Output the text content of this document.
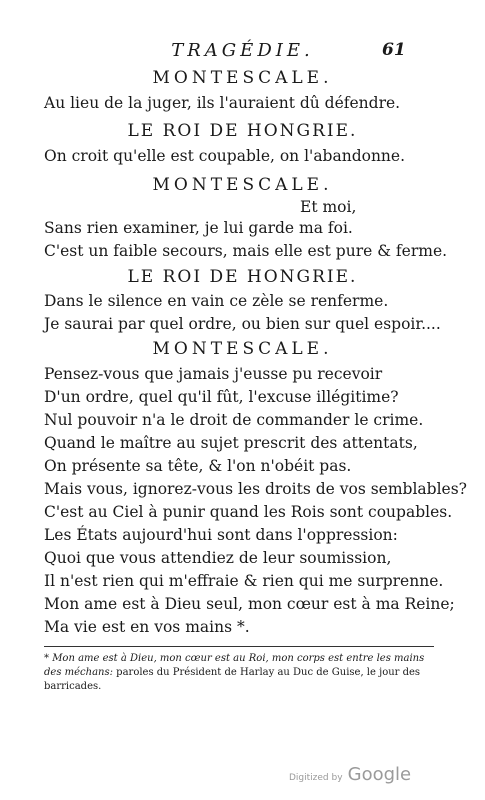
TRAGÉDIE.	61
MONTESCALE.
Au lieu de la juger, ils l'auraient dû défendre.
LE ROI DE HONGRIE.
On croit qu'elle est coupable, on l'abandonne.
MONTESCALE.
Et moi,
Sans rien examiner, je lui garde ma foi.
C'est un faible secours, mais elle est pure & ferme.
LE ROI DE HONGRIE.
Dans le silence en vain ce zèle se renferme.
Je saurai par quel ordre, ou bien sur quel espoir....
MONTESCALE.
Pensez-vous que jamais j'eusse pu recevoir
D'un ordre, quel qu'il fût, l'excuse illégitime?
Nul pouvoir n'a le droit de commander le crime.
Quand le maître au sujet prescrit des attentats,
On présente sa tête, & l'on n'obéit pas.
Mais vous, ignorez-vous les droits de vos semblables?
C'est au Ciel à punir quand les Rois sont coupables.
Les États aujourd'hui sont dans l'oppression:
Quoi que vous attendiez de leur soumission,
Il n'est rien qui m'effraie & rien qui me surprenne.
Mon ame est à Dieu seul, mon cœur est à ma Reine;
Ma vie est en vos mains *.
* Mon ame est à Dieu, mon cœur est au Roi, mon corps est entre les mains des méchans: paroles du Président de Harlay au Duc de Guise, le jour des barricades.
Digitized by Google
